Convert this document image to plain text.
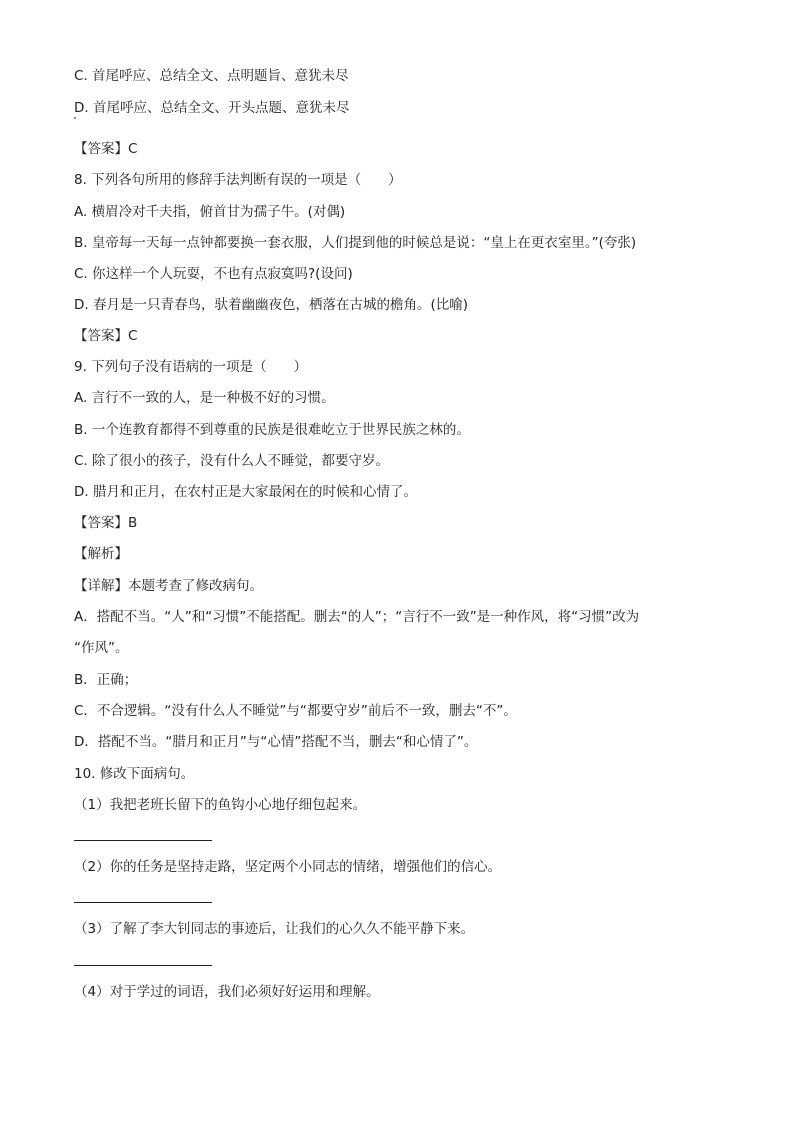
C. 首尾呼应、总结全文、点明题旨、意犹未尽
D. 首尾呼应、总结全文、开头点题、意犹未尽
【答案】C
8. 下列各句所用的修辞手法判断有误的一项是（　　）
A. 横眉冷对千夫指，俯首甘为孺子牛。(对偶)
B. 皇帝每一天每一点钟都要换一套衣服，人们提到他的时候总是说：“皇上在更衣室里。”(夸张)
C. 你这样一个人玩耍，不也有点寂寞吗?(设问)
D. 春月是一只青春鸟，驮着幽幽夜色，栖落在古城的檐角。(比喻)
【答案】C
9. 下列句子没有语病的一项是（　　）
A. 言行不一致的人，是一种极不好的习惯。
B. 一个连教育都得不到尊重的民族是很难屹立于世界民族之林的。
C. 除了很小的孩子，没有什么人不睡觉，都要守岁。
D. 腊月和正月，在农村正是大家最闲在的时候和心情了。
【答案】B
【解析】
【详解】本题考查了修改病句。
A．搭配不当。“人”和“习惯”不能搭配。删去“的人”；“言行不一致”是一种作风，将“习惯”改为
“作风”。
B．正确；
C．不合逻辑。“没有什么人不睡觉”与“都要守岁”前后不一致，删去“不”。
D．搭配不当。“腊月和正月”与“心情”搭配不当，删去“和心情了”。
10. 修改下面病句。
（1）我把老班长留下的鱼钩小心地仔细包起来。
（2）你的任务是坚持走路，坚定两个小同志的情绪，增强他们的信心。
（3）了解了李大钊同志的事迹后，让我们的心久久不能平静下来。
（4）对于学过的词语，我们必须好好运用和理解。
